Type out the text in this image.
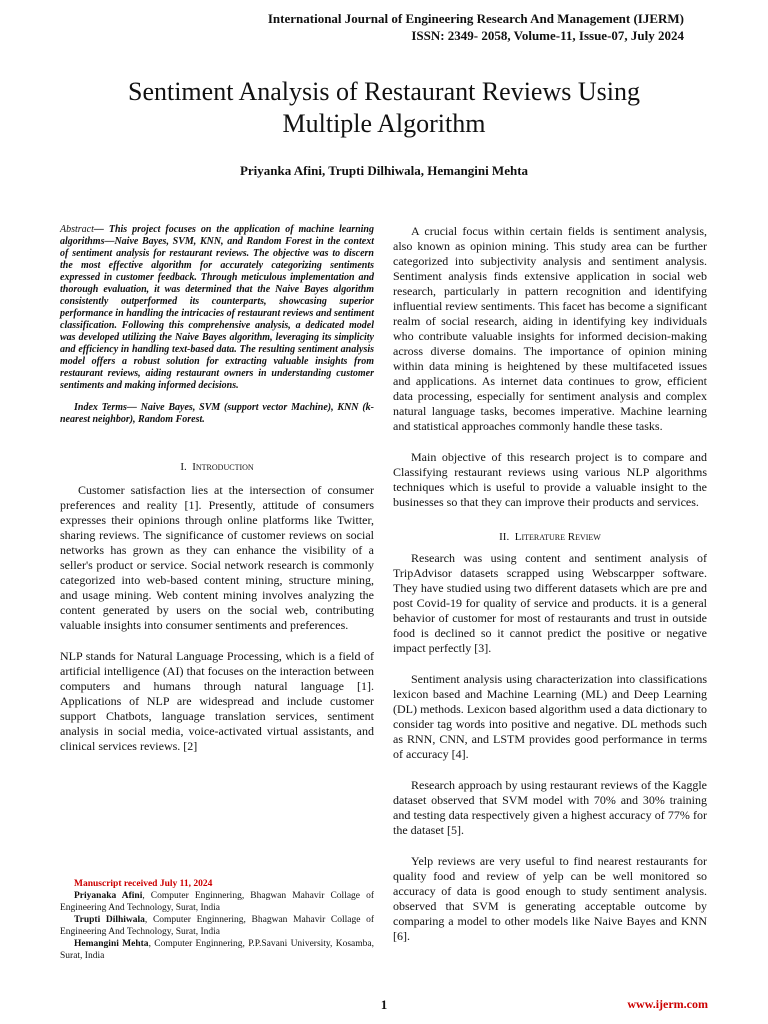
International Journal of Engineering Research And Management (IJERM)
ISSN: 2349- 2058, Volume-11, Issue-07, July 2024
Sentiment Analysis of Restaurant Reviews Using
Multiple Algorithm
Priyanka Afini, Trupti Dilhiwala, Hemangini Mehta

Abstract— This project focuses on the application of machine learning algorithms—Naive Bayes, SVM, KNN, and Random Forest in the context of sentiment analysis for restaurant reviews. The objective was to discern the most effective algorithm for accurately categorizing sentiments expressed in customer feedback. Through meticulous implementation and thorough evaluation, it was determined that the Naive Bayes algorithm consistently outperformed its counterparts, showcasing superior performance in handling the intricacies of restaurant reviews and sentiment classification. Following this comprehensive analysis, a dedicated model was developed utilizing the Naive Bayes algorithm, leveraging its simplicity and efficiency in handling text-based data. The resulting sentiment analysis model offers a robust solution for extracting valuable insights from restaurant reviews, aiding restaurant owners in understanding customer sentiments and making informed decisions.

Index Terms— Naive Bayes, SVM (support vector Machine), KNN (k-nearest neighbor), Random Forest.

I. Introduction

Customer satisfaction lies at the intersection of consumer preferences and reality [1]. Presently, attitude of consumers expresses their opinions through online platforms like Twitter, sharing reviews. The significance of customer reviews on social networks has grown as they can enhance the visibility of a seller's product or service. Social network research is commonly categorized into web-based content mining, structure mining, and usage mining. Web content mining involves analyzing the content generated by users on the social web, contributing valuable insights into consumer sentiments and preferences.

NLP stands for Natural Language Processing, which is a field of artificial intelligence (AI) that focuses on the interaction between computers and humans through natural language [1]. Applications of NLP are widespread and include customer support Chatbots, language translation services, sentiment analysis in social media, voice-activated virtual assistants, and clinical services reviews. [2]

Manuscript received July 11, 2024

Priyanaka Afini, Computer Enginnering, Bhagwan Mahavir Collage of Engineering And Technology, Surat, India

Trupti Dilhiwala, Computer Enginnering, Bhagwan Mahavir Collage of Engineering And Technology, Surat, India

Hemangini Mehta, Computer Enginnering, P.P.Savani University, Kosamba, Surat, India

A crucial focus within certain fields is sentiment analysis, also known as opinion mining. This study area can be further categorized into subjectivity analysis and sentiment analysis. Sentiment analysis finds extensive application in social web research, particularly in pattern recognition and identifying influential review sentiments. This facet has become a significant realm of social research, aiding in identifying key individuals who contribute valuable insights for informed decision-making across diverse domains. The importance of opinion mining within data mining is heightened by these multifaceted issues and applications. As internet data continues to grow, efficient data processing, especially for sentiment analysis and complex natural language tasks, becomes imperative. Machine learning and statistical approaches commonly handle these tasks.

Main objective of this research project is to compare and Classifying restaurant reviews using various NLP algorithms techniques which is useful to provide a valuable insight to the businesses so that they can improve their products and services.

II. Literature Review

Research was using content and sentiment analysis of TripAdvisor datasets scrapped using Webscarpper software. They have studied using two different datasets which are pre and post Covid-19 for quality of service and products. it is a general behavior of customer for most of restaurants and trust in outside food is declined so it cannot predict the positive or negative impact perfectly [3].

Sentiment analysis using characterization into classifications lexicon based and Machine Learning (ML) and Deep Learning (DL) methods. Lexicon based algorithm used a data dictionary to consider tag words into positive and negative. DL methods such as RNN, CNN, and LSTM provides good performance in terms of accuracy [4].

Research approach by using restaurant reviews of the Kaggle dataset observed that SVM model with 70% and 30% training and testing data respectively given a highest accuracy of 77% for the dataset [5].

Yelp reviews are very useful to find nearest restaurants for quality food and review of yelp can be well monitored so accuracy of data is good enough to study sentiment analysis. observed that SVM is generating acceptable outcome by comparing a model to other models like Naive Bayes and KNN [6].

1	www.ijerm.com
